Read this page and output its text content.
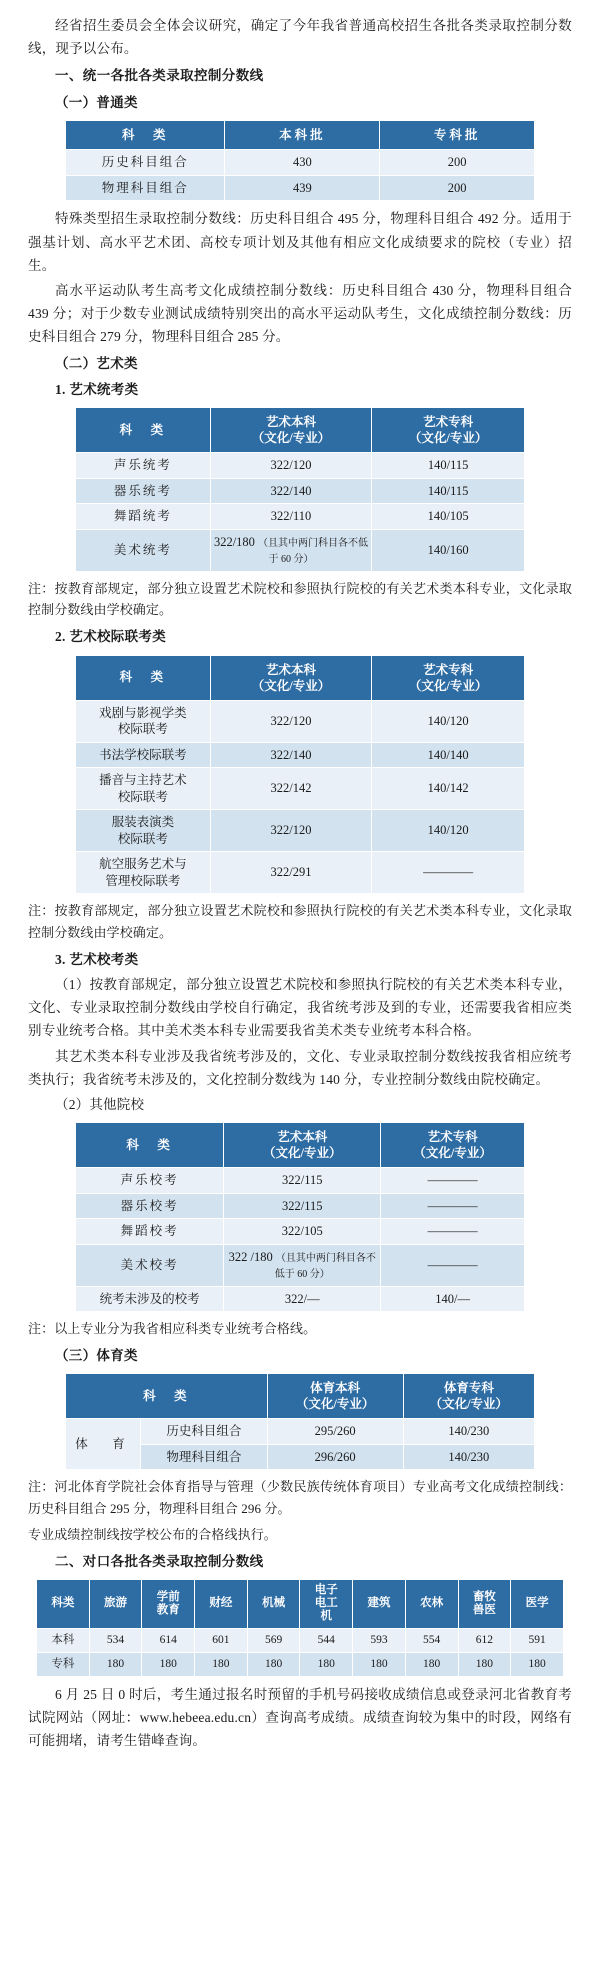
经省招生委员会全体会议研究，确定了今年我省普通高校招生各批各类录取控制分数线，现予以公布。

一、统一各批各类录取控制分数线

（一）普通类

科　类	本科批	专科批
历史科目组合	430	200
物理科目组合	439	200

特殊类型招生录取控制分数线：历史科目组合 495 分，物理科目组合 492 分。适用于强基计划、高水平艺术团、高校专项计划及其他有相应文化成绩要求的院校（专业）招生。

高水平运动队考生高考文化成绩控制分数线：历史科目组合 430 分，物理科目组合 439 分；对于少数专业测试成绩特别突出的高水平运动队考生，文化成绩控制分数线：历史科目组合 279 分，物理科目组合 285 分。

（二）艺术类

1. 艺术统考类

科　类	艺术本科
（文化/专业）	艺术专科
（文化/专业）
声乐统考	322/120	140/115
器乐统考	322/140	140/115
舞蹈统考	322/110	140/105
美术统考	322/180 （且其中两门科目各不低于 60 分）	140/160

注：按教育部规定，部分独立设置艺术院校和参照执行院校的有关艺术类本科专业，文化录取控制分数线由学校确定。

2. 艺术校际联考类

科　类	艺术本科
（文化/专业）	艺术专科
（文化/专业）
戏剧与影视学类
校际联考	322/120	140/120
书法学校际联考	322/140	140/140
播音与主持艺术
校际联考	322/142	140/142
服装表演类
校际联考	322/120	140/120
航空服务艺术与
管理校际联考	322/291	————

注：按教育部规定，部分独立设置艺术院校和参照执行院校的有关艺术类本科专业，文化录取控制分数线由学校确定。

3. 艺术校考类

（1）按教育部规定，部分独立设置艺术院校和参照执行院校的有关艺术类本科专业，文化、专业录取控制分数线由学校自行确定，我省统考涉及到的专业，还需要我省相应类别专业统考合格。其中美术类本科专业需要我省美术类专业统考本科合格。

其艺术类本科专业涉及我省统考涉及的，文化、专业录取控制分数线按我省相应统考类执行；我省统考未涉及的，文化控制分数线为 140 分，专业控制分数线由院校确定。

（2）其他院校

科　类	艺术本科
（文化/专业）	艺术专科
（文化/专业）
声乐校考	322/115	————
器乐校考	322/115	————
舞蹈校考	322/105	————
美术校考	322 /180 （且其中两门科目各不低于 60 分）	————
统考未涉及的校考	322/—	140/—

注：以上专业分为我省相应科类专业统考合格线。

（三）体育类

科　类		体育本科
（文化/专业）	体育专科
（文化/专业）
体　育	历史科目组合	295/260	140/230
	物理科目组合	296/260	140/230

注：河北体育学院社会体育指导与管理（少数民族传统体育项目）专业高考文化成绩控制线：历史科目组合 295 分，物理科目组合 296 分。

专业成绩控制线按学校公布的合格线执行。

二、对口各批各类录取控制分数线

科类	旅游	学前
教育	财经	机械	电子
电工
机	建筑	农林	畜牧
兽医	医学
本科	534	614	601	569	544	593	554	612	591
专科	180	180	180	180	180	180	180	180	180

6 月 25 日 0 时后，考生通过报名时预留的手机号码接收成绩信息或登录河北省教育考试院网站（网址：www.hebeea.edu.cn）查询高考成绩。成绩查询较为集中的时段，网络有可能拥堵，请考生错峰查询。
